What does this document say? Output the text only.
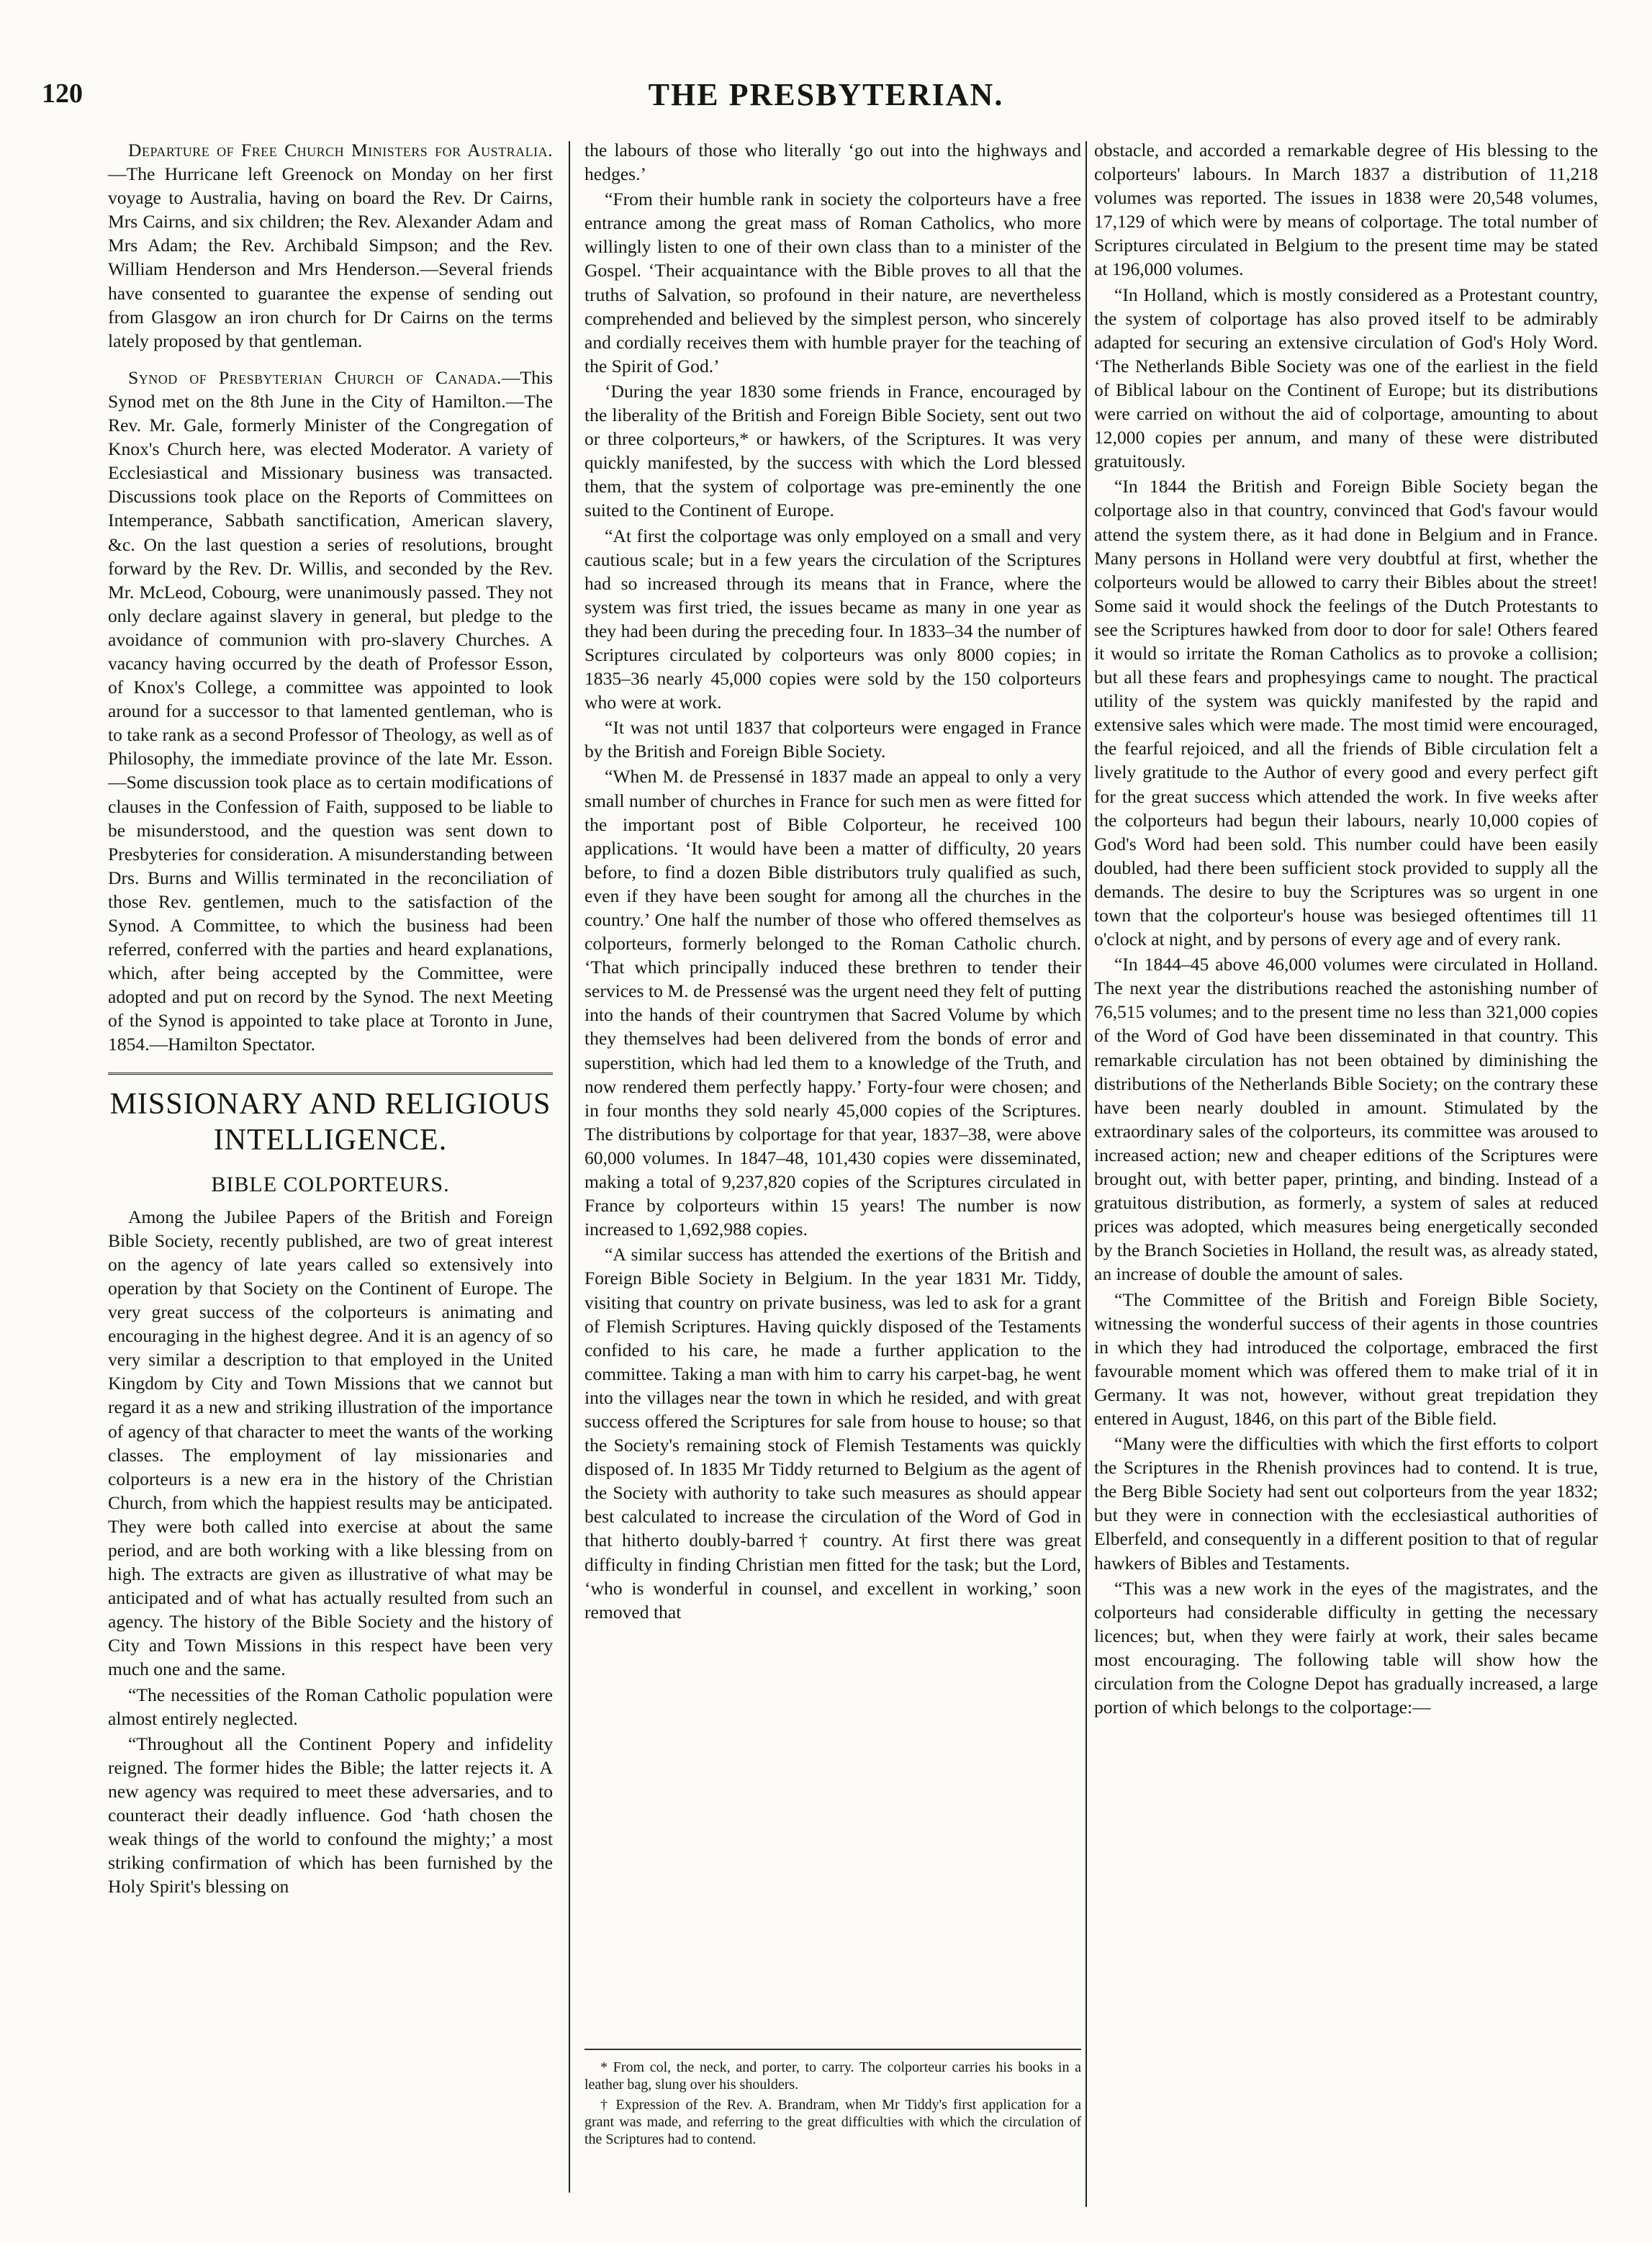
120	THE PRESBYTERIAN.

Departure of Free Church Ministers for Australia.—The Hurricane left Greenock on Monday on her first voyage to Australia, having on board the Rev. Dr Cairns, Mrs Cairns, and six children; the Rev. Alexander Adam and Mrs Adam; the Rev. Archibald Simpson; and the Rev. William Henderson and Mrs Henderson.—Several friends have consented to guarantee the expense of sending out from Glasgow an iron church for Dr Cairns on the terms lately proposed by that gentleman.

Synod of Presbyterian Church of Canada.—This Synod met on the 8th June in the City of Hamilton.—The Rev. Mr. Gale, formerly Minister of the Congregation of Knox's Church here, was elected Moderator. A variety of Ecclesiastical and Missionary business was transacted. Discussions took place on the Reports of Committees on Intemperance, Sabbath sanctification, American slavery, &c. On the last question a series of resolutions, brought forward by the Rev. Dr. Willis, and seconded by the Rev. Mr. McLeod, Cobourg, were unanimously passed. They not only declare against slavery in general, but pledge to the avoidance of communion with pro-slavery Churches. A vacancy having occurred by the death of Professor Esson, of Knox's College, a committee was appointed to look around for a successor to that lamented gentleman, who is to take rank as a second Professor of Theology, as well as of Philosophy, the immediate province of the late Mr. Esson.—Some discussion took place as to certain modifications of clauses in the Confession of Faith, supposed to be liable to be misunderstood, and the question was sent down to Presbyteries for consideration. A misunderstanding between Drs. Burns and Willis terminated in the reconciliation of those Rev. gentlemen, much to the satisfaction of the Synod. A Committee, to which the business had been referred, conferred with the parties and heard explanations, which, after being accepted by the Committee, were adopted and put on record by the Synod. The next Meeting of the Synod is appointed to take place at Toronto in June, 1854.—Hamilton Spectator.

MISSIONARY AND RELIGIOUS INTELLIGENCE.
BIBLE COLPORTEURS.

Among the Jubilee Papers of the British and Foreign Bible Society, recently published, are two of great interest on the agency of late years called so extensively into operation by that Society on the Continent of Europe. The very great success of the colporteurs is animating and encouraging in the highest degree. And it is an agency of so very similar a description to that employed in the United Kingdom by City and Town Missions that we cannot but regard it as a new and striking illustration of the importance of agency of that character to meet the wants of the working classes. The employment of lay missionaries and colporteurs is a new era in the history of the Christian Church, from which the happiest results may be anticipated. They were both called into exercise at about the same period, and are both working with a like blessing from on high. The extracts are given as illustrative of what may be anticipated and of what has actually resulted from such an agency. The history of the Bible Society and the history of City and Town Missions in this respect have been very much one and the same.

“The necessities of the Roman Catholic population were almost entirely neglected.

“Throughout all the Continent Popery and infidelity reigned. The former hides the Bible; the latter rejects it. A new agency was required to meet these adversaries, and to counteract their deadly influence. God ‘hath chosen the weak things of the world to confound the mighty;’ a most striking confirmation of which has been furnished by the Holy Spirit's blessing on

the labours of those who literally ‘go out into the highways and hedges.’

“From their humble rank in society the colporteurs have a free entrance among the great mass of Roman Catholics, who more willingly listen to one of their own class than to a minister of the Gospel. ‘Their acquaintance with the Bible proves to all that the truths of Salvation, so profound in their nature, are nevertheless comprehended and believed by the simplest person, who sincerely and cordially receives them with humble prayer for the teaching of the Spirit of God.’

‘During the year 1830 some friends in France, encouraged by the liberality of the British and Foreign Bible Society, sent out two or three colporteurs,* or hawkers, of the Scriptures. It was very quickly manifested, by the success with which the Lord blessed them, that the system of colportage was pre-eminently the one suited to the Continent of Europe.

“At first the colportage was only employed on a small and very cautious scale; but in a few years the circulation of the Scriptures had so increased through its means that in France, where the system was first tried, the issues became as many in one year as they had been during the preceding four. In 1833–34 the number of Scriptures circulated by colporteurs was only 8000 copies; in 1835–36 nearly 45,000 copies were sold by the 150 colporteurs who were at work.

“It was not until 1837 that colporteurs were engaged in France by the British and Foreign Bible Society.

“When M. de Pressensé in 1837 made an appeal to only a very small number of churches in France for such men as were fitted for the important post of Bible Colporteur, he received 100 applications. ‘It would have been a matter of difficulty, 20 years before, to find a dozen Bible distributors truly qualified as such, even if they have been sought for among all the churches in the country.’ One half the number of those who offered themselves as colporteurs, formerly belonged to the Roman Catholic church. ‘That which principally induced these brethren to tender their services to M. de Pressensé was the urgent need they felt of putting into the hands of their countrymen that Sacred Volume by which they themselves had been delivered from the bonds of error and superstition, which had led them to a knowledge of the Truth, and now rendered them perfectly happy.’ Forty-four were chosen; and in four months they sold nearly 45,000 copies of the Scriptures. The distributions by colportage for that year, 1837–38, were above 60,000 volumes. In 1847–48, 101,430 copies were disseminated, making a total of 9,237,820 copies of the Scriptures circulated in France by colporteurs within 15 years! The number is now increased to 1,692,988 copies.

“A similar success has attended the exertions of the British and Foreign Bible Society in Belgium. In the year 1831 Mr. Tiddy, visiting that country on private business, was led to ask for a grant of Flemish Scriptures. Having quickly disposed of the Testaments confided to his care, he made a further application to the committee. Taking a man with him to carry his carpet-bag, he went into the villages near the town in which he resided, and with great success offered the Scriptures for sale from house to house; so that the Society's remaining stock of Flemish Testaments was quickly disposed of. In 1835 Mr Tiddy returned to Belgium as the agent of the Society with authority to take such measures as should appear best calculated to increase the circulation of the Word of God in that hitherto doubly-barred† country. At first there was great difficulty in finding Christian men fitted for the task; but the Lord, ‘who is wonderful in counsel, and excellent in working,’ soon removed that

* From col, the neck, and porter, to carry. The colporteur carries his books in a leather bag, slung over his shoulders.

† Expression of the Rev. A. Brandram, when Mr Tiddy's first application for a grant was made, and referring to the great difficulties with which the circulation of the Scriptures had to contend.

obstacle, and accorded a remarkable degree of His blessing to the colporteurs' labours. In March 1837 a distribution of 11,218 volumes was reported. The issues in 1838 were 20,548 volumes, 17,129 of which were by means of colportage. The total number of Scriptures circulated in Belgium to the present time may be stated at 196,000 volumes.

“In Holland, which is mostly considered as a Protestant country, the system of colportage has also proved itself to be admirably adapted for securing an extensive circulation of God's Holy Word. ‘The Netherlands Bible Society was one of the earliest in the field of Biblical labour on the Continent of Europe; but its distributions were carried on without the aid of colportage, amounting to about 12,000 copies per annum, and many of these were distributed gratuitously.

“In 1844 the British and Foreign Bible Society began the colportage also in that country, convinced that God's favour would attend the system there, as it had done in Belgium and in France. Many persons in Holland were very doubtful at first, whether the colporteurs would be allowed to carry their Bibles about the street! Some said it would shock the feelings of the Dutch Protestants to see the Scriptures hawked from door to door for sale! Others feared it would so irritate the Roman Catholics as to provoke a collision; but all these fears and prophesyings came to nought. The practical utility of the system was quickly manifested by the rapid and extensive sales which were made. The most timid were encouraged, the fearful rejoiced, and all the friends of Bible circulation felt a lively gratitude to the Author of every good and every perfect gift for the great success which attended the work. In five weeks after the colporteurs had begun their labours, nearly 10,000 copies of God's Word had been sold. This number could have been easily doubled, had there been sufficient stock provided to supply all the demands. The desire to buy the Scriptures was so urgent in one town that the colporteur's house was besieged oftentimes till 11 o'clock at night, and by persons of every age and of every rank.

“In 1844–45 above 46,000 volumes were circulated in Holland. The next year the distributions reached the astonishing number of 76,515 volumes; and to the present time no less than 321,000 copies of the Word of God have been disseminated in that country. This remarkable circulation has not been obtained by diminishing the distributions of the Netherlands Bible Society; on the contrary these have been nearly doubled in amount. Stimulated by the extraordinary sales of the colporteurs, its committee was aroused to increased action; new and cheaper editions of the Scriptures were brought out, with better paper, printing, and binding. Instead of a gratuitous distribution, as formerly, a system of sales at reduced prices was adopted, which measures being energetically seconded by the Branch Societies in Holland, the result was, as already stated, an increase of double the amount of sales.

“The Committee of the British and Foreign Bible Society, witnessing the wonderful success of their agents in those countries in which they had introduced the colportage, embraced the first favourable moment which was offered them to make trial of it in Germany. It was not, however, without great trepidation they entered in August, 1846, on this part of the Bible field.

“Many were the difficulties with which the first efforts to colport the Scriptures in the Rhenish provinces had to contend. It is true, the Berg Bible Society had sent out colporteurs from the year 1832; but they were in connection with the ecclesiastical authorities of Elberfeld, and consequently in a different position to that of regular hawkers of Bibles and Testaments.

“This was a new work in the eyes of the magistrates, and the colporteurs had considerable difficulty in getting the necessary licences; but, when they were fairly at work, their sales became most encouraging. The following table will show how the circulation from the Cologne Depot has gradually increased, a large portion of which belongs to the colportage:—
